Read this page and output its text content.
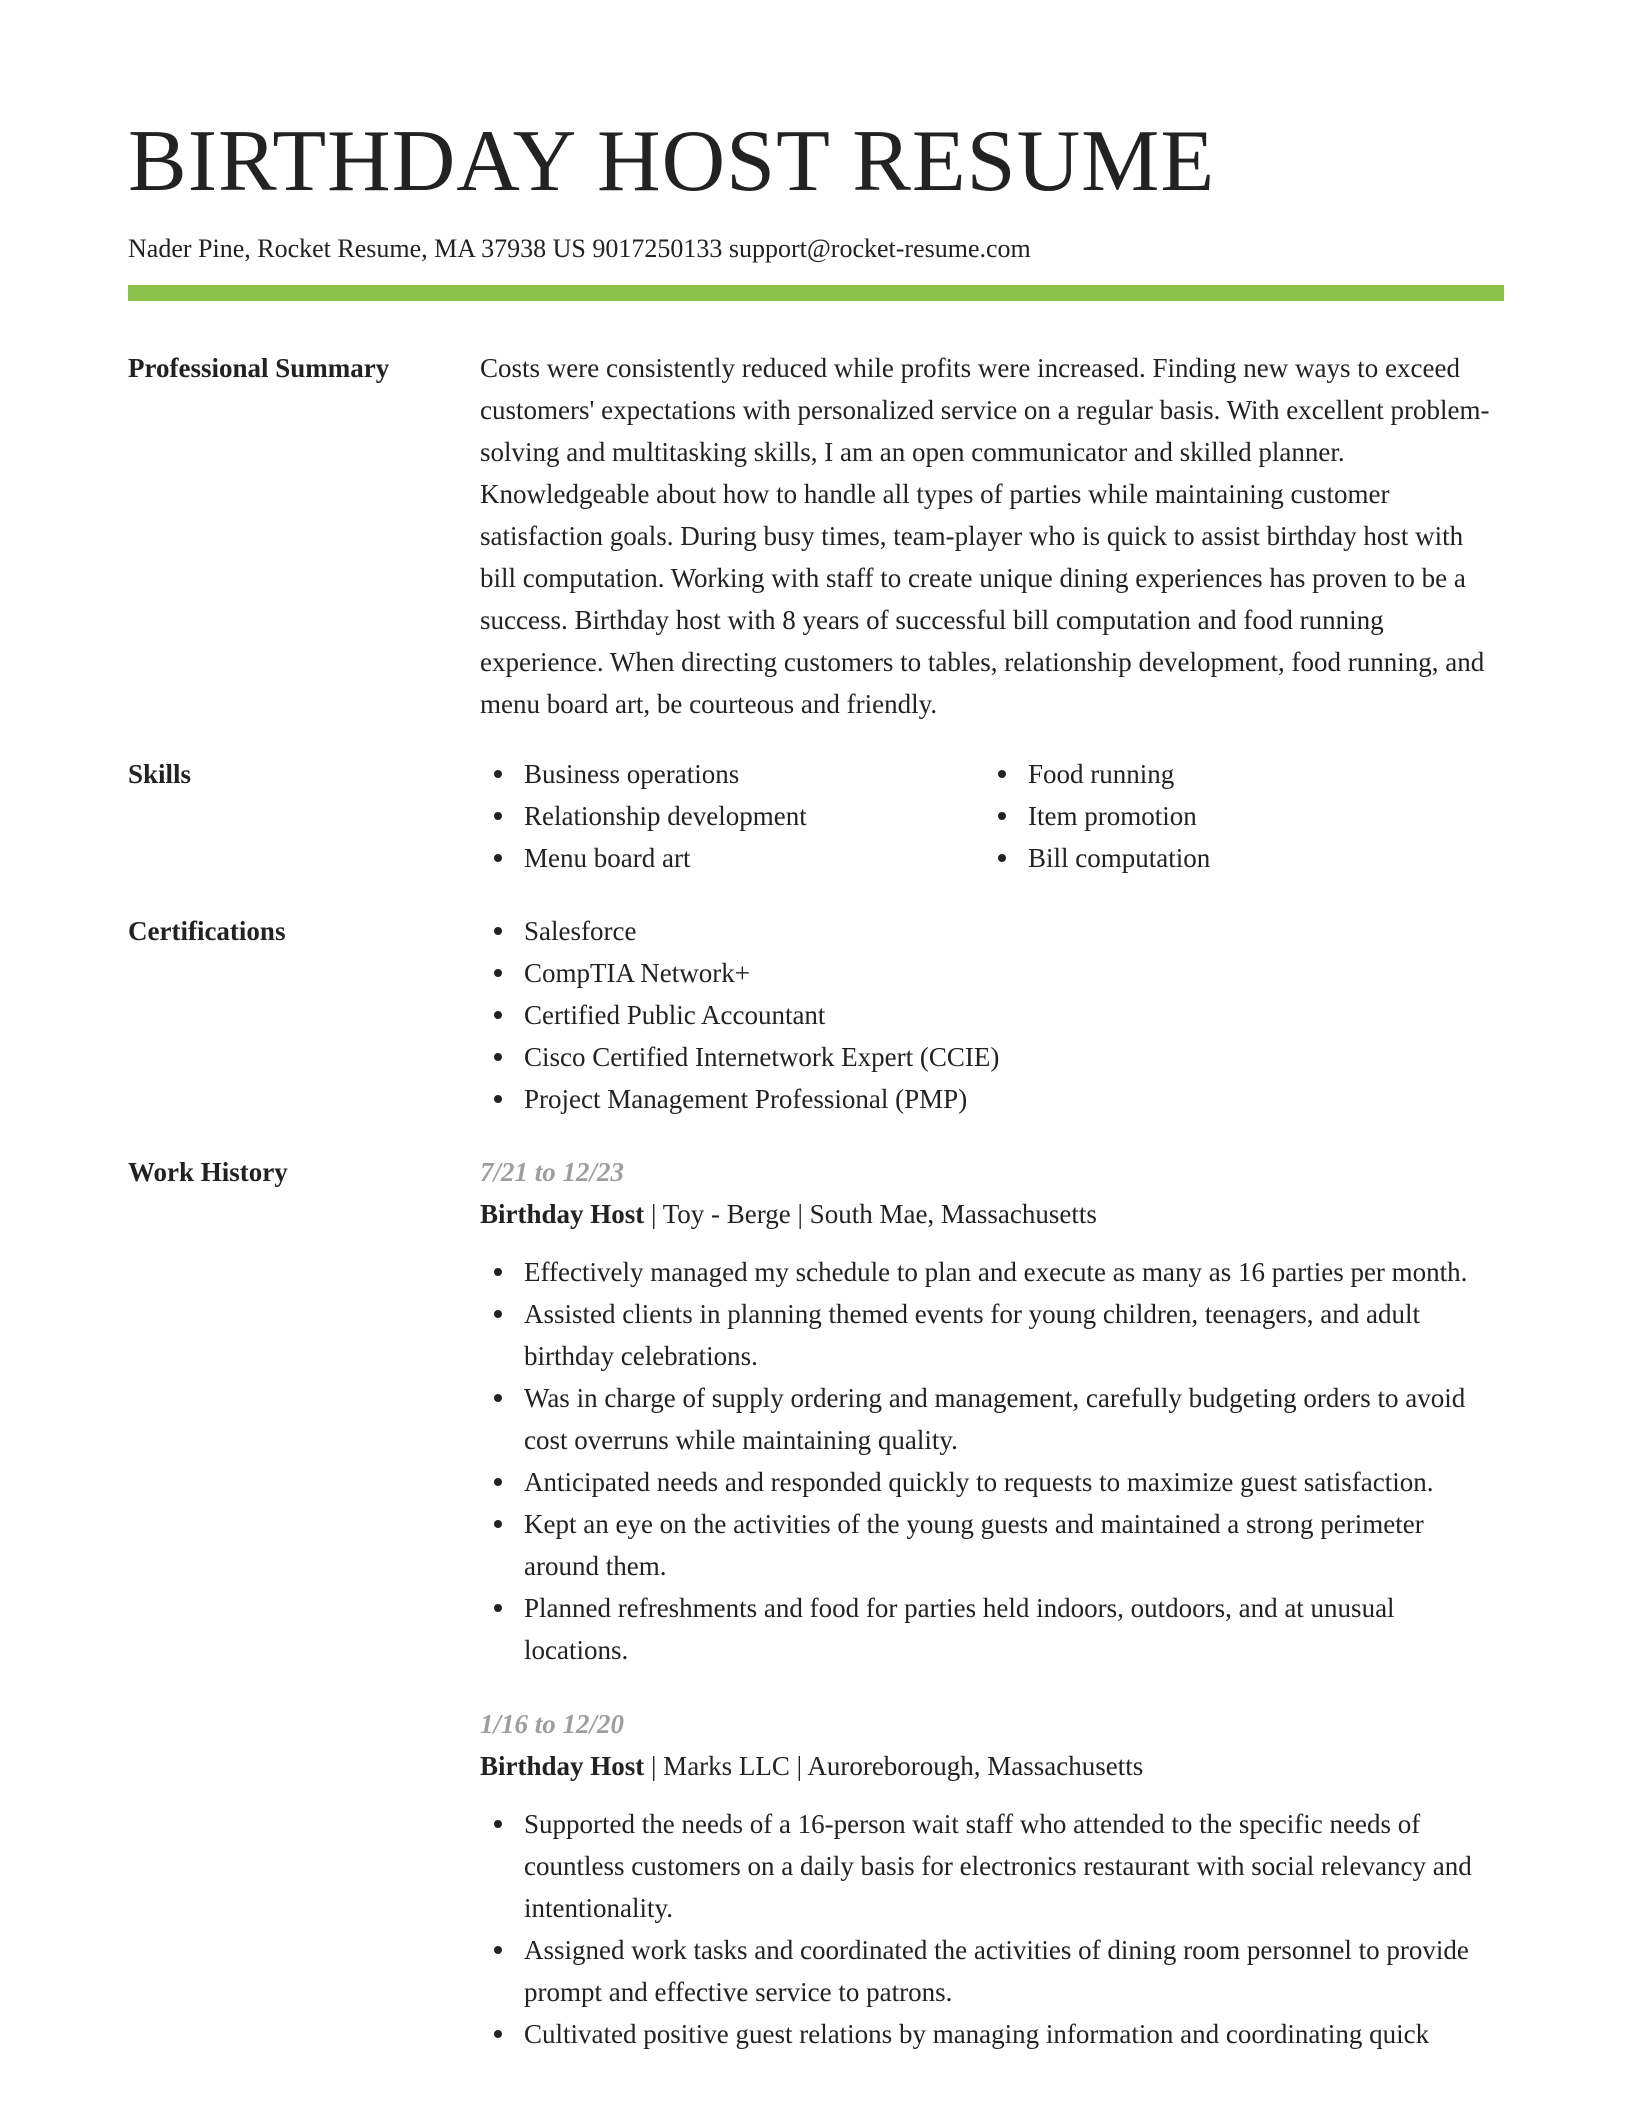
BIRTHDAY HOST RESUME
Nader Pine, Rocket Resume, MA 37938 US 9017250133 support@rocket-resume.com
Professional Summary	Costs were consistently reduced while profits were increased. Finding new ways to exceed customers' expectations with personalized service on a regular basis. With excellent problem-solving and multitasking skills, I am an open communicator and skilled planner. Knowledgeable about how to handle all types of parties while maintaining customer satisfaction goals. During busy times, team-player who is quick to assist birthday host with bill computation. Working with staff to create unique dining experiences has proven to be a success. Birthday host with 8 years of successful bill computation and food running experience. When directing customers to tables, relationship development, food running, and menu board art, be courteous and friendly.

Skills	Business operations
Relationship development
Menu board art
Food running
Item promotion
Bill computation
Certifications	Salesforce
CompTIA Network+
Certified Public Accountant
Cisco Certified Internetwork Expert (CCIE)
Project Management Professional (PMP)
Work History	7/21 to 12/23
Birthday Host | Toy - Berge | South Mae, Massachusetts
Effectively managed my schedule to plan and execute as many as 16 parties per month.
Assisted clients in planning themed events for young children, teenagers, and adult birthday celebrations.
Was in charge of supply ordering and management, carefully budgeting orders to avoid cost overruns while maintaining quality.
Anticipated needs and responded quickly to requests to maximize guest satisfaction.
Kept an eye on the activities of the young guests and maintained a strong perimeter around them.
Planned refreshments and food for parties held indoors, outdoors, and at unusual locations.
1/16 to 12/20
Birthday Host | Marks LLC | Auroreborough, Massachusetts
Supported the needs of a 16-person wait staff who attended to the specific needs of countless customers on a daily basis for electronics restaurant with social relevancy and intentionality.
Assigned work tasks and coordinated the activities of dining room personnel to provide prompt and effective service to patrons.
Cultivated positive guest relations by managing information and coordinating quick
